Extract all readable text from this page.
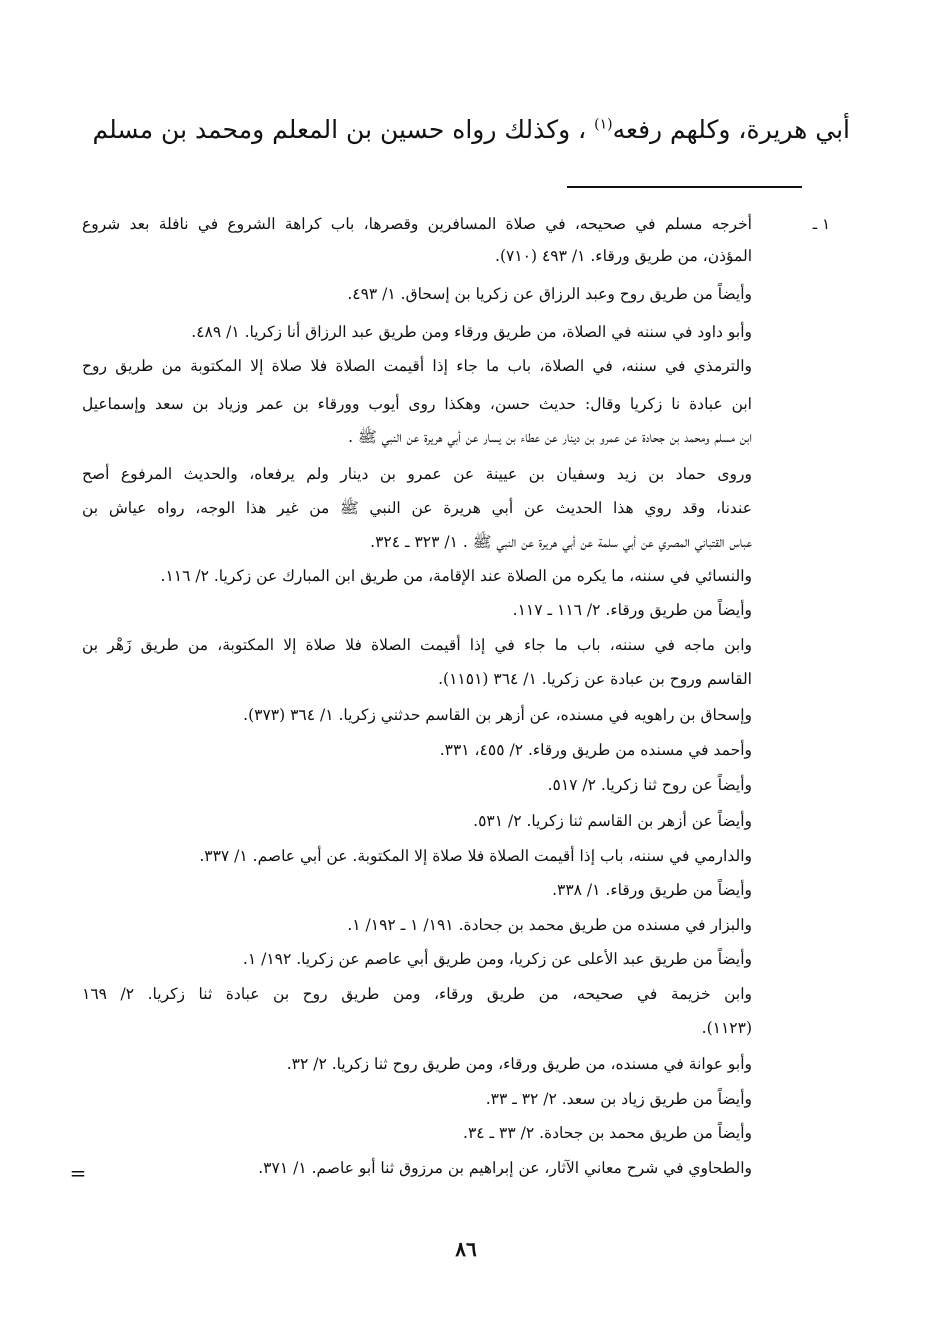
أبي هريرة، وكلهم رفعه$^{(١)}$ ، وكذلك رواه حسين بن المعلم ومحمد بن مسلم
١ ـ
أخرجه مسلم في صحيحه، في صلاة المسافرين وقصرها، باب كراهة الشروع في نافلة بعد شروع
المؤذن، من طريق ورقاء. ١/ ٤٩٣ (٧١٠).
وأيضاً من طريق روح وعبد الرزاق عن زكريا بن إسحاق. ١/ ٤٩٣.
وأبو داود في سننه في الصلاة، من طريق ورقاء ومن طريق عبد الرزاق أنا زكريا. ١/ ٤٨٩.
والترمذي في سننه، في الصلاة، باب ما جاء إذا أقيمت الصلاة فلا صلاة إلا المكتوبة من طريق روح
ابن عبادة نا زكريا وقال: حديث حسن، وهكذا روى أيوب وورقاء بن عمر وزياد بن سعد وإسماعيل
ابن مسلم ومحمد بن جحادة عن عمرو بن دينار عن عطاء بن يسار عن أبي هريرة عن النبي ﷺ .
وروى حماد بن زيد وسفيان بن عيينة عن عمرو بن دينار ولم يرفعاه، والحديث المرفوع أصح
عندنا، وقد روي هذا الحديث عن أبي هريرة عن النبي ﷺ من غير هذا الوجه، رواه عياش بن
عباس القتباني المصري عن أبي سلمة عن أبي هريرة عن النبي ﷺ . ١/ ٣٢٣ ـ ٣٢٤.
والنسائي في سننه، ما يكره من الصلاة عند الإقامة، من طريق ابن المبارك عن زكريا. ٢/ ١١٦.
وأيضاً من طريق ورقاء. ٢/ ١١٦ ـ ١١٧.
وابن ماجه في سننه، باب ما جاء في إذا أقيمت الصلاة فلا صلاة إلا المكتوبة، من طريق زَهْر بن
القاسم وروح بن عبادة عن زكريا. ١/ ٣٦٤ (١١٥١).
وإسحاق بن راهويه في مسنده، عن أزهر بن القاسم حدثني زكريا. ١/ ٣٦٤ (٣٧٣).
وأحمد في مسنده من طريق ورقاء. ٢/ ٤٥٥، ٣٣١.
وأيضاً عن روح ثنا زكريا. ٢/ ٥١٧.
وأيضاً عن أزهر بن القاسم ثنا زكريا. ٢/ ٥٣١.
والدارمي في سننه، باب إذا أقيمت الصلاة فلا صلاة إلا المكتوبة. عن أبي عاصم. ١/ ٣٣٧.
وأيضاً من طريق ورقاء. ١/ ٣٣٨.
والبزار في مسنده من طريق محمد بن جحادة. ١٩١/ ١ ـ ١٩٢/ ١.
وأيضاً من طريق عبد الأعلى عن زكريا، ومن طريق أبي عاصم عن زكريا. ١٩٢/ ١.
وابن خزيمة في صحيحه، من طريق ورقاء، ومن طريق روح بن عبادة ثنا زكريا. ٢/ ١٦٩
(١١٢٣).
وأبو عوانة في مسنده، من طريق ورقاء، ومن طريق روح ثنا زكريا. ٢/ ٣٢.
وأيضاً من طريق زياد بن سعد. ٢/ ٣٢ ـ ٣٣.
وأيضاً من طريق محمد بن جحادة. ٢/ ٣٣ ـ ٣٤.
والطحاوي في شرح معاني الآثار، عن إبراهيم بن مرزوق ثنا أبو عاصم. ١/ ٣٧١.
=
٨٦
